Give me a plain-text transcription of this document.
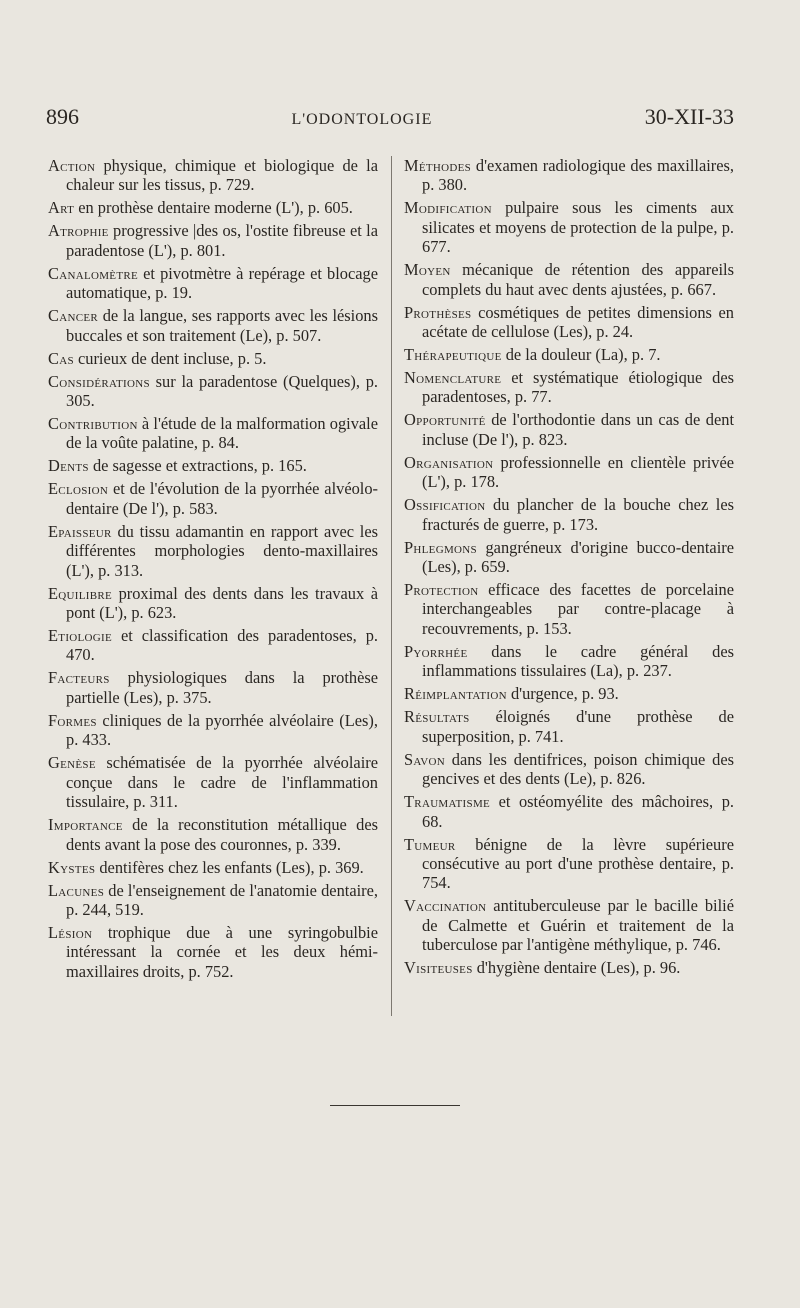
896	L'ODONTOLOGIE	30-XII-33

Action physique, chimique et biologique de la chaleur sur les tissus, p. 729.

Art en prothèse dentaire moderne (L'), p. 605.

Atrophie progressive |des os, l'ostite fibreuse et la paradentose (L'), p. 801.

Canalomètre et pivotmètre à repérage et blocage automatique, p. 19.

Cancer de la langue, ses rapports avec les lésions buccales et son traitement (Le), p. 507.

Cas curieux de dent incluse, p. 5.

Considérations sur la paradentose (Quelques), p. 305.

Contribution à l'étude de la malformation ogivale de la voûte palatine, p. 84.

Dents de sagesse et extractions, p. 165.

Eclosion et de l'évolution de la pyorrhée alvéolo-dentaire (De l'), p. 583.

Epaisseur du tissu adamantin en rapport avec les différentes morphologies dento-maxillaires (L'), p. 313.

Equilibre proximal des dents dans les travaux à pont (L'), p. 623.

Etiologie et classification des paradentoses, p. 470.

Facteurs physiologiques dans la prothèse partielle (Les), p. 375.

Formes cliniques de la pyorrhée alvéolaire (Les), p. 433.

Genèse schématisée de la pyorrhée alvéolaire conçue dans le cadre de l'inflammation tissulaire, p. 311.

Importance de la reconstitution métallique des dents avant la pose des couronnes, p. 339.

Kystes dentifères chez les enfants (Les), p. 369.

Lacunes de l'enseignement de l'anatomie dentaire, p. 244, 519.

Lésion trophique due à une syringobulbie intéressant la cornée et les deux hémi-maxillaires droits, p. 752.

Méthodes d'examen radiologique des maxillaires, p. 380.

Modification pulpaire sous les ciments aux silicates et moyens de protection de la pulpe, p. 677.

Moyen mécanique de rétention des appareils complets du haut avec dents ajustées, p. 667.

Prothèses cosmétiques de petites dimensions en acétate de cellulose (Les), p. 24.

Thérapeutique de la douleur (La), p. 7.

Nomenclature et systématique étiologique des paradentoses, p. 77.

Opportunité de l'orthodontie dans un cas de dent incluse (De l'), p. 823.

Organisation professionnelle en clientèle privée (L'), p. 178.

Ossification du plancher de la bouche chez les fracturés de guerre, p. 173.

Phlegmons gangréneux d'origine bucco-dentaire (Les), p. 659.

Protection efficace des facettes de porcelaine interchangeables par contre-placage à recouvrements, p. 153.

Pyorrhée dans le cadre général des inflammations tissulaires (La), p. 237.

Réimplantation d'urgence, p. 93.

Résultats éloignés d'une prothèse de superposition, p. 741.

Savon dans les dentifrices, poison chimique des gencives et des dents (Le), p. 826.

Traumatisme et ostéomyélite des mâchoires, p. 68.

Tumeur bénigne de la lèvre supérieure consécutive au port d'une prothèse dentaire, p. 754.

Vaccination antituberculeuse par le bacille bilié de Calmette et Guérin et traitement de la tuberculose par l'antigène méthylique, p. 746.

Visiteuses d'hygiène dentaire (Les), p. 96.
